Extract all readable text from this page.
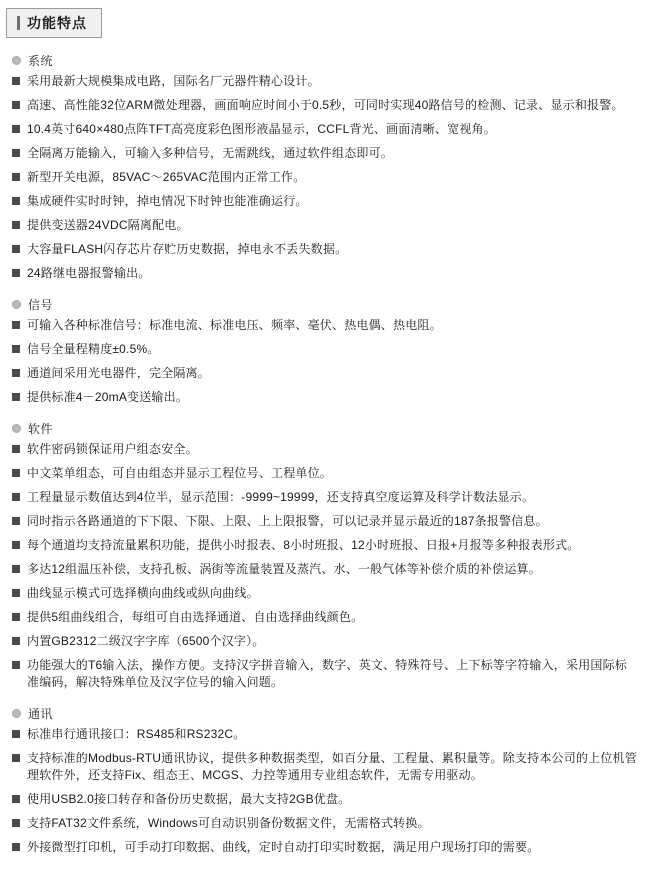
功能特点
系统
采用最新大规模集成电路，国际名厂元器件精心设计。
高速、高性能32位ARM微处理器，画面响应时间小于0.5秒，可同时实现40路信号的检测、记录、显示和报警。
10.4英寸640×480点阵TFT高亮度彩色图形液晶显示，CCFL背光、画面清晰、宽视角。
全隔离万能输入，可输入多种信号，无需跳线，通过软件组态即可。
新型开关电源，85VAC～265VAC范围内正常工作。
集成硬件实时时钟，掉电情况下时钟也能准确运行。
提供变送器24VDC隔离配电。
大容量FLASH闪存芯片存贮历史数据，掉电永不丢失数据。
24路继电器报警输出。
信号
可输入各种标准信号：标准电流、标准电压、频率、毫伏、热电偶、热电阻。
信号全量程精度±0.5%。
通道间采用光电器件，完全隔离。
提供标准4－20mA变送输出。
软件
软件密码锁保证用户组态安全。
中文菜单组态，可自由组态并显示工程位号、工程单位。
工程量显示数值达到4位半，显示范围：-9999~19999，还支持真空度运算及科学计数法显示。
同时指示各路通道的下下限、下限、上限、上上限报警，可以记录并显示最近的187条报警信息。
每个通道均支持流量累积功能，提供小时报表、8小时班报、12小时班报、日报+月报等多种报表形式。
多达12组温压补偿，支持孔板、涡街等流量装置及蒸汽、水、一般气体等补偿介质的补偿运算。
曲线显示模式可选择横向曲线或纵向曲线。
提供5组曲线组合，每组可自由选择通道、自由选择曲线颜色。
内置GB2312二级汉字字库（6500个汉字）。
功能强大的T6输入法，操作方便。支持汉字拼音输入，数字、英文、特殊符号、上下标等字符输入，采用国际标准编码，解决特殊单位及汉字位号的输入问题。
通讯
标准串行通讯接口：RS485和RS232C。
支持标准的Modbus-RTU通讯协议，提供多种数据类型，如百分量、工程量、累积量等。除支持本公司的上位机管理软件外，还支持Fix、组态王、MCGS、力控等通用专业组态软件，无需专用驱动。
使用USB2.0接口转存和备份历史数据，最大支持2GB优盘。
支持FAT32文件系统，Windows可自动识别备份数据文件，无需格式转换。
外接微型打印机，可手动打印数据、曲线，定时自动打印实时数据，满足用户现场打印的需要。
